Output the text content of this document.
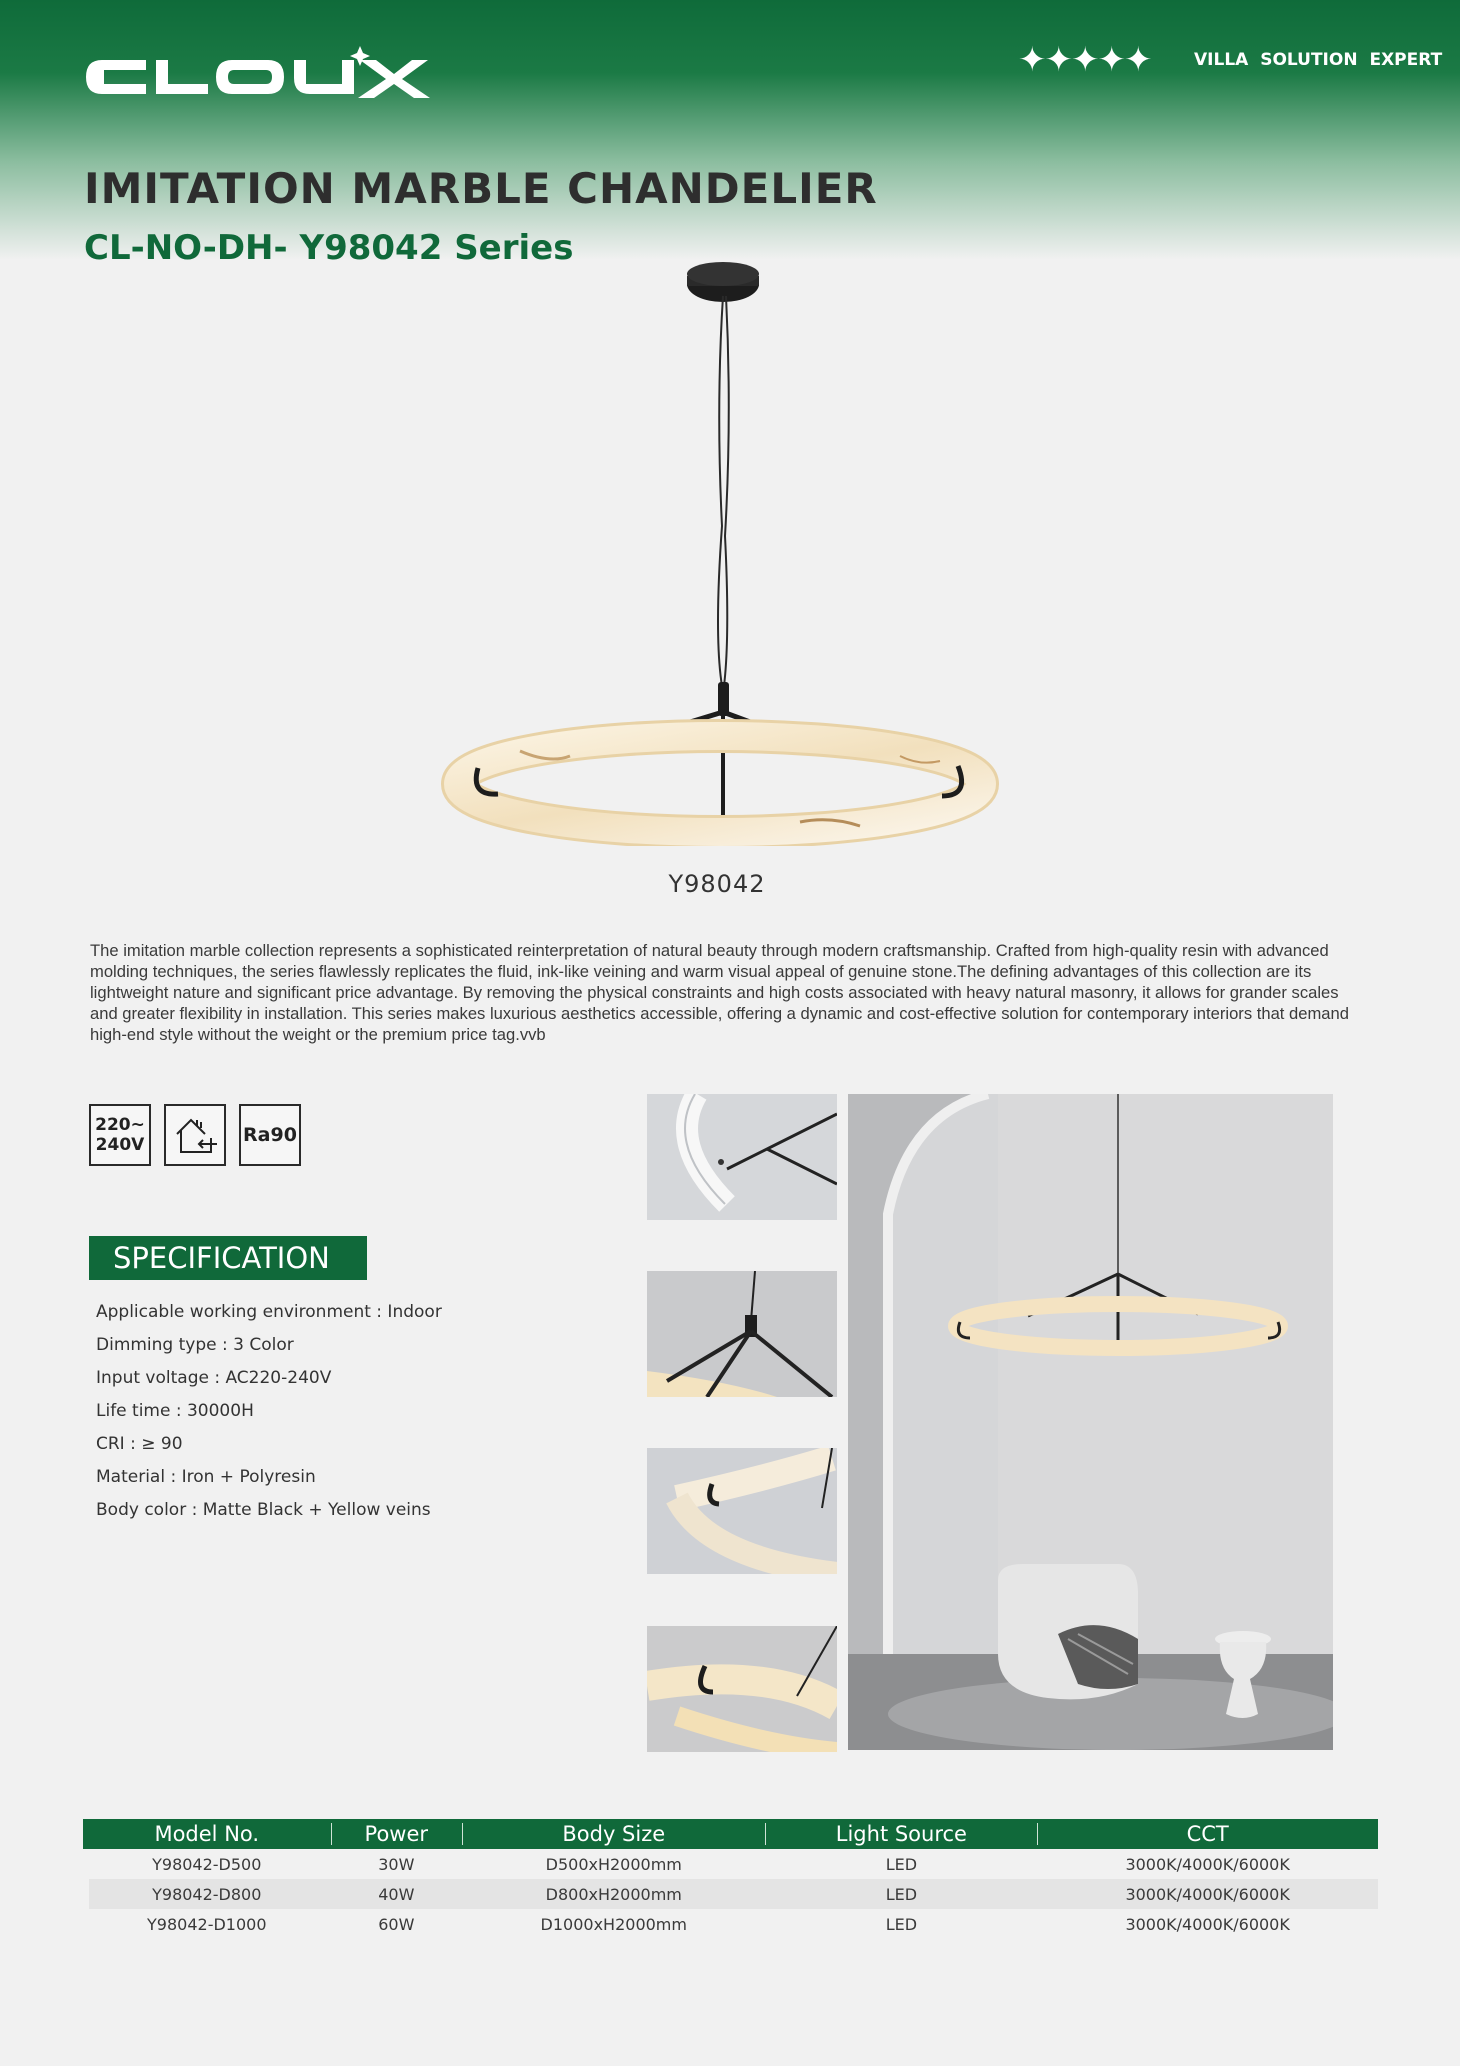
✦✦✦✦✦	VILLA SOLUTION EXPERT
IMITATION MARBLE CHANDELIER
CL-NO-DH- Y98042 Series
Y98042

The imitation marble collection represents a sophisticated reinterpretation of natural beauty through modern craftsmanship. Crafted from high-quality resin with advanced molding techniques, the series flawlessly replicates the fluid, ink-like veining and warm visual appeal of genuine stone.The defining advantages of this collection are its lightweight nature and significant price advantage. By removing the physical constraints and high costs associated with heavy natural masonry, it allows for grander scales and greater flexibility in installation. This series makes luxurious aesthetics accessible, offering a dynamic and cost-effective solution for contemporary interiors that demand high-end style without the weight or the premium price tag.vvb

220~
240V	Ra90
SPECIFICATION
Applicable working environment : Indoor
Dimming type : 3 Color
Input voltage : AC220-240V
Life time : 30000H
CRI : ≥ 90
Material : Iron + Polyresin
Body color : Matte Black + Yellow veins
Model No.	Power	Body Size	Light Source	CCT
Y98042-D500	30W	D500xH2000mm	LED	3000K/4000K/6000K
Y98042-D800	40W	D800xH2000mm	LED	3000K/4000K/6000K
Y98042-D1000	60W	D1000xH2000mm	LED	3000K/4000K/6000K
